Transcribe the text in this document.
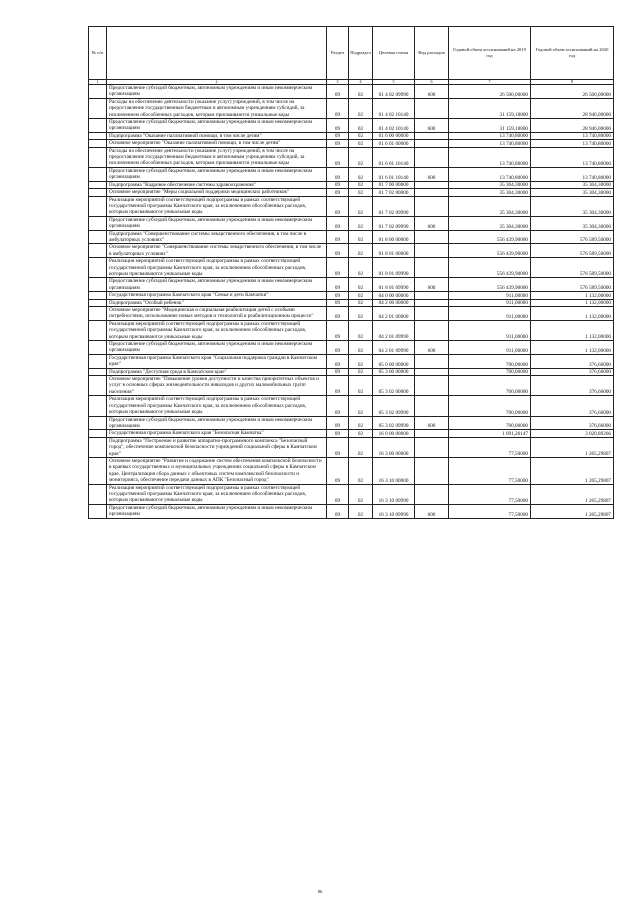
№ п/п		Раздел	Подраздел	Целевая статья	Вид расходов	Годовой объем ассигнований на 2019 год	Годовой объем ассигнований на 2020 год
1	2	3	4	5	6	7	8
	Предоставление субсидий бюджетным, автономным учреждениям и иным некоммерческим организациям	09	02	01 4 02 09990	600	26 500,00000	26 500,00000
	Расходы на обеспечение деятельности (оказание услуг) учреждений, в том числе на предоставление государственным бюджетным и автономным учреждениям субсидий, за исключением обособленных расходов, которым присваиваются уникальные коды	09	02	01 4 02 10140		31 159,18800	28 946,00000
	Предоставление субсидий бюджетным, автономным учреждениям и иным некоммерческим организациям	09	02	01 4 02 10140	600	31 159,18800	28 946,00000
	Подпрограмма "Оказание паллиативной помощи, в том числе детям"	09	02	01 6 00 00000		13 740,80000	13 740,80000
	Основное мероприятие "Оказание паллиативной помощи, в том числе детям"	09	02	01 6 01 00000		13 740,80000	13 740,80000
	Расходы на обеспечение деятельности (оказание услуг) учреждений, в том числе на предоставление государственным бюджетным и автономным учреждениям субсидий, за исключением обособленных расходов, которым присваиваются уникальные коды	09	02	01 6 01 10140		13 740,80000	13 740,80000
	Предоставление субсидий бюджетным, автономным учреждениям и иным некоммерческим организациям	09	02	01 6 01 10140	600	13 740,80000	13 740,80000
	Подпрограмма "Кадровое обеспечение системы здравоохранения"	09	02	01 7 00 00000		35 304,30000	35 304,30000
	Основное мероприятие "Меры социальной поддержки медицинских работников"	09	02	01 7 02 00000		35 304,30000	35 304,30000
	Реализация мероприятий соответствующей подпрограммы в рамках соответствующей государственной программы Камчатского края, за исключением обособленных расходов, которым присваиваются уникальные коды	09	02	01 7 02 09990		35 304,30000	35 304,30000
	Предоставление субсидий бюджетным, автономным учреждениям и иным некоммерческим организациям	09	02	01 7 02 09990	600	35 304,30000	35 304,30000
	Подпрограмма "Совершенствование системы лекарственного обеспечения, в том числе в амбулаторных условиях"	09	02	01 8 00 00000		556 439,90000	576 589,50000
	Основное мероприятие "Совершенствование системы лекарственного обеспечения, в том числе в амбулаторных условиях"	09	02	01 8 01 00000		556 439,90000	576 589,50000
	Реализация мероприятий соответствующей подпрограммы в рамках соответствующей государственной программы Камчатского края, за исключением обособленных расходов, которым присваиваются уникальные коды	09	02	01 8 01 09990		556 439,90000	576 589,50000
	Предоставление субсидий бюджетным, автономным учреждениям и иным некоммерческим организациям	09	02	01 8 01 09990	600	556 439,90000	576 589,50000
	Государственная программа Камчатского края "Семья и дети Камчатки"	09	02	04 0 00 00000		911,00000	1 132,00000
	Подпрограмма "Особый ребенок"	09	02	04 2 00 00000		911,00000	1 132,00000
	Основное мероприятие "Медицинская и социальная реабилитация детей с особыми потребностями, использование новых методов и технологий в реабилитационном процессе"	09	02	04 2 01 00000		911,00000	1 132,00000
	Реализация мероприятий соответствующей подпрограммы в рамках соответствующей государственной программы Камчатского края, за исключением обособленных расходов, которым присваиваются уникальные коды	09	02	04 2 01 09990		911,00000	1 132,00000
	Предоставление субсидий бюджетным, автономным учреждениям и иным некоммерческим организациям	09	02	04 2 01 09990	600	911,00000	1 132,00000
	Государственная программа Камчатского края "Социальная поддержка граждан в Камчатском крае"	09	02	05 0 00 00000		700,00000	376,66000
	Подпрограмма "Доступная среда в Камчатском крае"	09	02	05 3 00 00000		700,00000	376,66000
	Основное мероприятие "Повышение уровня доступности и качества приоритетных объектов и услуг в основных сферах жизнедеятельности инвалидов и других маломобильных групп населения"	09	02	05 3 02 00000		700,00000	376,66000
	Реализация мероприятий соответствующей подпрограммы в рамках соответствующей государственной программы Камчатского края, за исключением обособленных расходов, которым присваиваются уникальные коды	09	02	05 3 02 09990		700,00000	376,66000
	Предоставление субсидий бюджетным, автономным учреждениям и иным некоммерческим организациям	09	02	05 3 02 09990	600	700,00000	376,66000
	Государственная программа Камчатского края "Безопасная Камчатка"	09	02	16 0 00 00000		1 691,26147	3 020,80266
	Подпрограмма "Построение и развитие аппаратно-программного комплекса "Безопасный город", обеспечение комплексной безопасности учреждений социальной сферы в Камчатском крае"	09	02	16 3 00 00000		77,50000	1 265,29807
	Основное мероприятие "Развитие и содержание систем обеспечения комплексной безопасности в краевых государственных и муниципальных учреждениях социальной сферы в Камчатском крае. Централизация сбора данных с объектовых систем комплексной безопасности и мониторинга, обеспечение передачи данных в АПК "Безопасный город"	09	02	16 3 10 00000		77,50000	1 265,29807
	Реализация мероприятий соответствующей подпрограммы в рамках соответствующей государственной программы Камчатского края, за исключением обособленных расходов, которым присваиваются уникальные коды	09	02	16 3 10 09990		77,50000	1 265,29807
	Предоставление субсидий бюджетным, автономным учреждениям и иным некоммерческим организациям	09	02	16 3 10 09990	600	77,50000	1 265,29807
86
